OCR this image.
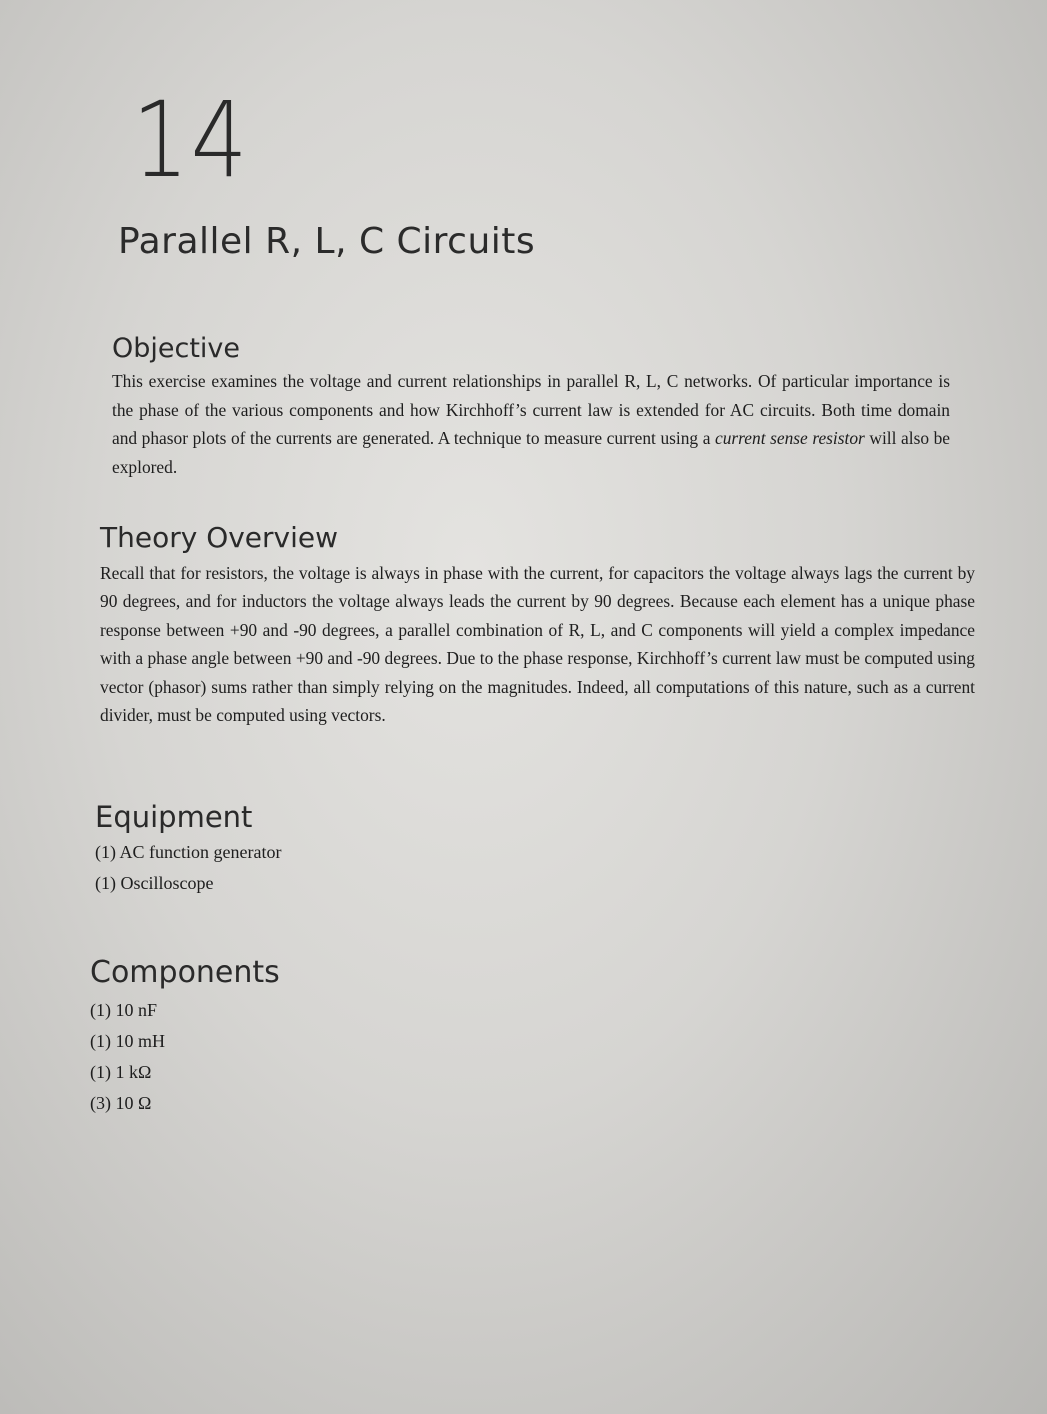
14
Parallel R, L, C Circuits
Objective

This exercise examines the voltage and current relationships in parallel R, L, C networks. Of particular importance is the phase of the various components and how Kirchhoff’s current law is extended for AC circuits. Both time domain and phasor plots of the currents are generated. A technique to measure current using a current sense resistor will also be explored.

Theory Overview

Recall that for resistors, the voltage is always in phase with the current, for capacitors the voltage always lags the current by 90 degrees, and for inductors the voltage always leads the current by 90 degrees. Because each element has a unique phase response between +90 and -90 degrees, a parallel combination of R, L, and C components will yield a complex impedance with a phase angle between +90 and -90 degrees. Due to the phase response, Kirchhoff’s current law must be computed using vector (phasor) sums rather than simply relying on the magnitudes. Indeed, all computations of this nature, such as a current divider, must be computed using vectors.

Equipment
(1) AC function generator
(1) Oscilloscope
Components
(1) 10 nF
(1) 10 mH
(1) 1 kΩ
(3) 10 Ω
